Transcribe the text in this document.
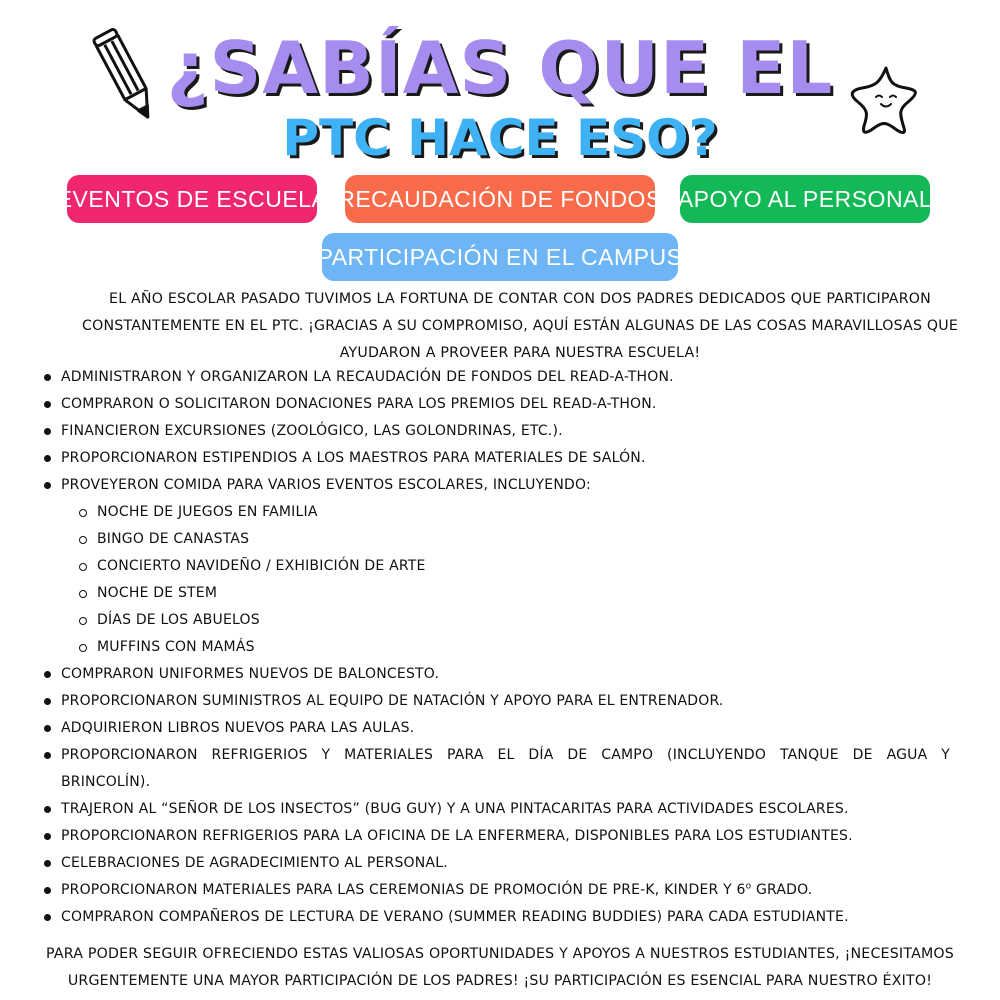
¿SABÍAS QUE EL
PTC HACE ESO?
EVENTOS DE ESCUELA RECAUDACIÓN DE FONDOS APOYO AL PERSONAL
PARTICIPACIÓN EN EL CAMPUS
EL AÑO ESCOLAR PASADO TUVIMOS LA FORTUNA DE CONTAR CON DOS PADRES DEDICADOS QUE PARTICIPARON CONSTANTEMENTE EN EL PTC. ¡GRACIAS A SU COMPROMISO, AQUÍ ESTÁN ALGUNAS DE LAS COSAS MARAVILLOSAS QUE AYUDARON A PROVEER PARA NUESTRA ESCUELA!
ADMINISTRARON Y ORGANIZARON LA RECAUDACIÓN DE FONDOS DEL READ-A-THON.
COMPRARON O SOLICITARON DONACIONES PARA LOS PREMIOS DEL READ-A-THON.
FINANCIERON EXCURSIONES (ZOOLÓGICO, LAS GOLONDRINAS, ETC.).
PROPORCIONARON ESTIPENDIOS A LOS MAESTROS PARA MATERIALES DE SALÓN.
PROVEYERON COMIDA PARA VARIOS EVENTOS ESCOLARES, INCLUYENDO:
NOCHE DE JUEGOS EN FAMILIA
BINGO DE CANASTAS
CONCIERTO NAVIDEÑO / EXHIBICIÓN DE ARTE
NOCHE DE STEM
DÍAS DE LOS ABUELOS
MUFFINS CON MAMÁS
COMPRARON UNIFORMES NUEVOS DE BALONCESTO.
PROPORCIONARON SUMINISTROS AL EQUIPO DE NATACIÓN Y APOYO PARA EL ENTRENADOR.
ADQUIRIERON LIBROS NUEVOS PARA LAS AULAS.
PROPORCIONARON REFRIGERIOS Y MATERIALES PARA EL DÍA DE CAMPO (INCLUYENDO TANQUE DE AGUA Y BRINCOLÍN).
TRAJERON AL “SEÑOR DE LOS INSECTOS” (BUG GUY) Y A UNA PINTACARITAS PARA ACTIVIDADES ESCOLARES.
PROPORCIONARON REFRIGERIOS PARA LA OFICINA DE LA ENFERMERA, DISPONIBLES PARA LOS ESTUDIANTES.
CELEBRACIONES DE AGRADECIMIENTO AL PERSONAL.
PROPORCIONARON MATERIALES PARA LAS CEREMONIAS DE PROMOCIÓN DE PRE-K, KINDER Y 6$^o$ GRADO.
COMPRARON COMPAÑEROS DE LECTURA DE VERANO (SUMMER READING BUDDIES) PARA CADA ESTUDIANTE.
PARA PODER SEGUIR OFRECIENDO ESTAS VALIOSAS OPORTUNIDADES Y APOYOS A NUESTROS ESTUDIANTES, ¡NECESITAMOS URGENTEMENTE UNA MAYOR PARTICIPACIÓN DE LOS PADRES! ¡SU PARTICIPACIÓN ES ESENCIAL PARA NUESTRO ÉXITO!
